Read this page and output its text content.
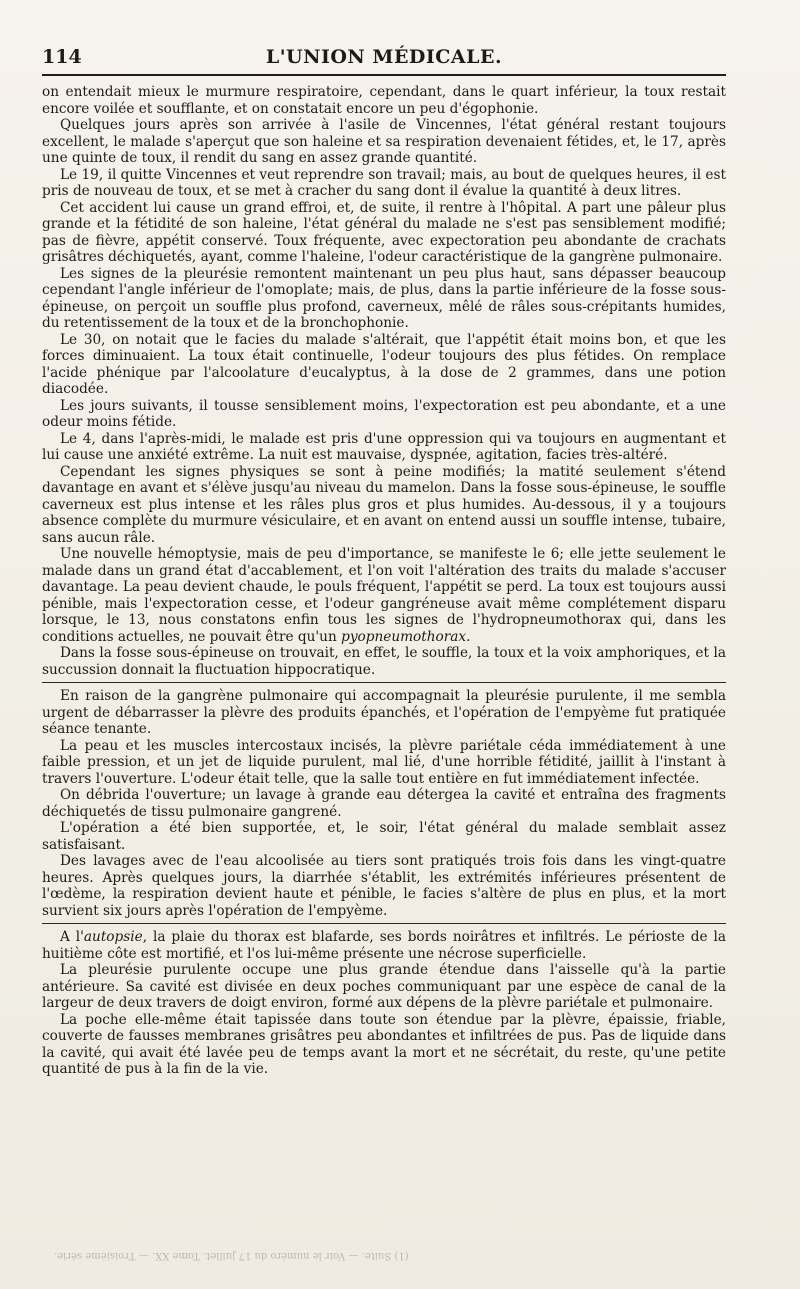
114	L'UNION MÉDICALE.

on entendait mieux le murmure respiratoire, cependant, dans le quart inférieur, la toux restait encore voilée et soufflante, et on constatait encore un peu d'égophonie.

Quelques jours après son arrivée à l'asile de Vincennes, l'état général restant toujours excellent, le malade s'aperçut que son haleine et sa respiration devenaient fétides, et, le 17, après une quinte de toux, il rendit du sang en assez grande quantité.

Le 19, il quitte Vincennes et veut reprendre son travail; mais, au bout de quelques heures, il est pris de nouveau de toux, et se met à cracher du sang dont il évalue la quantité à deux litres.

Cet accident lui cause un grand effroi, et, de suite, il rentre à l'hôpital. A part une pâleur plus grande et la fétidité de son haleine, l'état général du malade ne s'est pas sensiblement modifié; pas de fièvre, appétit conservé. Toux fréquente, avec expectoration peu abondante de crachats grisâtres déchiquetés, ayant, comme l'haleine, l'odeur caractéristique de la gangrène pulmonaire.

Les signes de la pleurésie remontent maintenant un peu plus haut, sans dépasser beaucoup cependant l'angle inférieur de l'omoplate; mais, de plus, dans la partie inférieure de la fosse sous-épineuse, on perçoit un souffle plus profond, caverneux, mêlé de râles sous-crépitants humides, du retentissement de la toux et de la bronchophonie.

Le 30, on notait que le facies du malade s'altérait, que l'appétit était moins bon, et que les forces diminuaient. La toux était continuelle, l'odeur toujours des plus fétides. On remplace l'acide phénique par l'alcoolature d'eucalyptus, à la dose de 2 grammes, dans une potion diacodée.

Les jours suivants, il tousse sensiblement moins, l'expectoration est peu abondante, et a une odeur moins fétide.

Le 4, dans l'après-midi, le malade est pris d'une oppression qui va toujours en augmentant et lui cause une anxiété extrême. La nuit est mauvaise, dyspnée, agitation, facies très-altéré.

Cependant les signes physiques se sont à peine modifiés; la matité seulement s'étend davantage en avant et s'élève jusqu'au niveau du mamelon. Dans la fosse sous-épineuse, le souffle caverneux est plus intense et les râles plus gros et plus humides. Au-dessous, il y a toujours absence complète du murmure vésiculaire, et en avant on entend aussi un souffle intense, tubaire, sans aucun râle.

Une nouvelle hémoptysie, mais de peu d'importance, se manifeste le 6; elle jette seulement le malade dans un grand état d'accablement, et l'on voit l'altération des traits du malade s'accuser davantage. La peau devient chaude, le pouls fréquent, l'appétit se perd. La toux est toujours aussi pénible, mais l'expectoration cesse, et l'odeur gangréneuse avait même complétement disparu lorsque, le 13, nous constatons enfin tous les signes de l'hydropneumothorax qui, dans les conditions actuelles, ne pouvait être qu'un pyopneumothorax.

Dans la fosse sous-épineuse on trouvait, en effet, le souffle, la toux et la voix amphoriques, et la succussion donnait la fluctuation hippocratique.

En raison de la gangrène pulmonaire qui accompagnait la pleurésie purulente, il me sembla urgent de débarrasser la plèvre des produits épanchés, et l'opération de l'empyème fut pratiquée séance tenante.

La peau et les muscles intercostaux incisés, la plèvre pariétale céda immédiatement à une faible pression, et un jet de liquide purulent, mal lié, d'une horrible fétidité, jaillit à l'instant à travers l'ouverture. L'odeur était telle, que la salle tout entière en fut immédiatement infectée.

On débrida l'ouverture; un lavage à grande eau détergea la cavité et entraîna des fragments déchiquetés de tissu pulmonaire gangrené.

L'opération a été bien supportée, et, le soir, l'état général du malade semblait assez satisfaisant.

Des lavages avec de l'eau alcoolisée au tiers sont pratiqués trois fois dans les vingt-quatre heures. Après quelques jours, la diarrhée s'établit, les extrémités inférieures présentent de l'œdème, la respiration devient haute et pénible, le facies s'altère de plus en plus, et la mort survient six jours après l'opération de l'empyème.

A l'autopsie, la plaie du thorax est blafarde, ses bords noirâtres et infiltrés. Le périoste de la huitième côte est mortifié, et l'os lui-même présente une nécrose superficielle.

La pleurésie purulente occupe une plus grande étendue dans l'aisselle qu'à la partie antérieure. Sa cavité est divisée en deux poches communiquant par une espèce de canal de la largeur de deux travers de doigt environ, formé aux dépens de la plèvre pariétale et pulmonaire.

La poche elle-même était tapissée dans toute son étendue par la plèvre, épaissie, friable, couverte de fausses membranes grisâtres peu abondantes et infiltrées de pus. Pas de liquide dans la cavité, qui avait été lavée peu de temps avant la mort et ne sécrétait, du reste, qu'une petite quantité de pus à la fin de la vie.

(1) Suite. — Voir le numéro du 17 juillet. Tome XX. — Troisième série.
